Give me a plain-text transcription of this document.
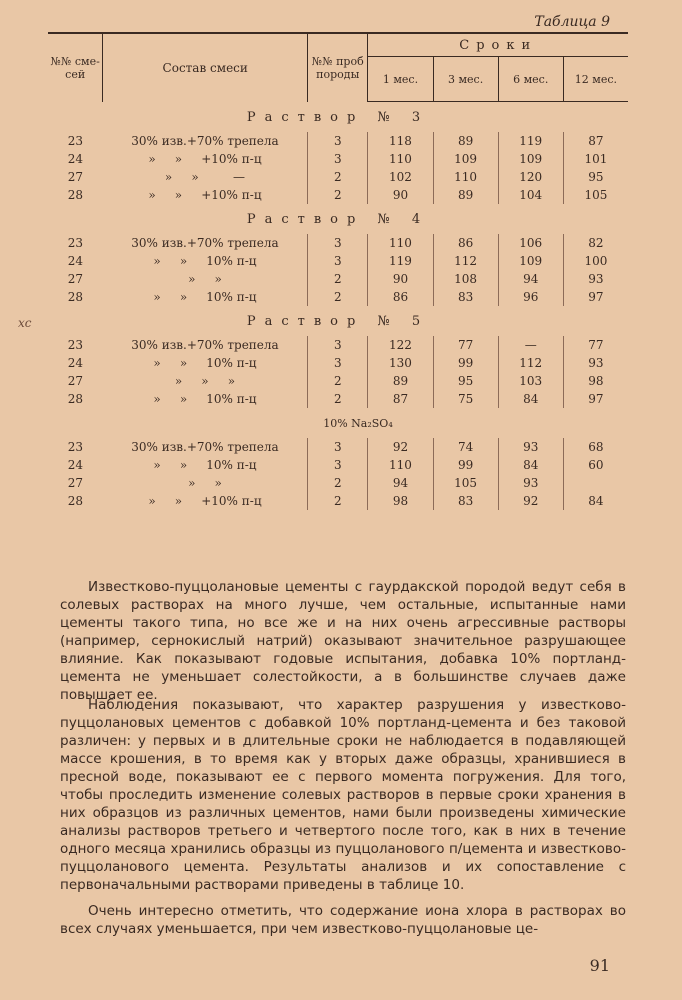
Таблица 9
хс
№№ смесей	Состав смеси	№№ проб породы	Сроки			
			1 мес.	3 мес.	6 мес.	12 мес.
Раствор № 3						
23	30% изв.+70% трепела	3	118	89	119	87
24	»     »     +10% п-ц	3	110	109	109	101
27	»     »         —	2	102	110	120	95
28	»     »     +10% п-ц	2	90	89	104	105
Раствор № 4						
23	30% изв.+70% трепела	3	110	86	106	82
24	»     »     10% п-ц	3	119	112	109	100
27	»     »	2	90	108	94	93
28	»     »     10% п-ц	2	86	83	96	97
Раствор № 5						
23	30% изв.+70% трепела	3	122	77	—	77
24	»     »     10% п-ц	3	130	99	112	93
27	»     »     »	2	89	95	103	98
28	»     »     10% п-ц	2	87	75	84	97
10% Na₂SO₄						
23	30% изв.+70% трепела	3	92	74	93	68
24	»     »     10% п-ц	3	110	99	84	60
27	»     »	2	94	105	93	
28	»     »     +10% п-ц	2	98	83	92	84

Известково-пуццолановые цементы с гаурдакской породой ведут себя в солевых растворах на много лучше, чем остальные, испытанные нами цементы такого типа, но все же и на них очень агрессивные растворы (например, сернокислый натрий) оказывают значительное разрушающее влияние. Как показывают годовые испытания, добавка 10% портланд-цемента не уменьшает солестойкости, а в большинстве случаев даже повышает ее.

Наблюдения показывают, что характер разрушения у известково-пуццолановых цементов с добавкой 10% портланд-цемента и без таковой различен: у первых и в длительные сроки не наблюдается в подавляющей массе крошения, в то время как у вторых даже образцы, хранившиеся в пресной воде, показывают ее с первого момента погружения. Для того, чтобы проследить изменение солевых растворов в первые сроки хранения в них образцов из различных цементов, нами были произведены химические анализы растворов третьего и четвертого после того, как в них в течение одного месяца хранились образцы из пуццоланового п/цемента и известково-пуццоланового цемента. Результаты анализов и их сопоставление с первоначальными растворами приведены в таблице 10.

Очень интересно отметить, что содержание иона хлора в растворах во всех случаях уменьшается, при чем известково-пуццолановые це-

91
